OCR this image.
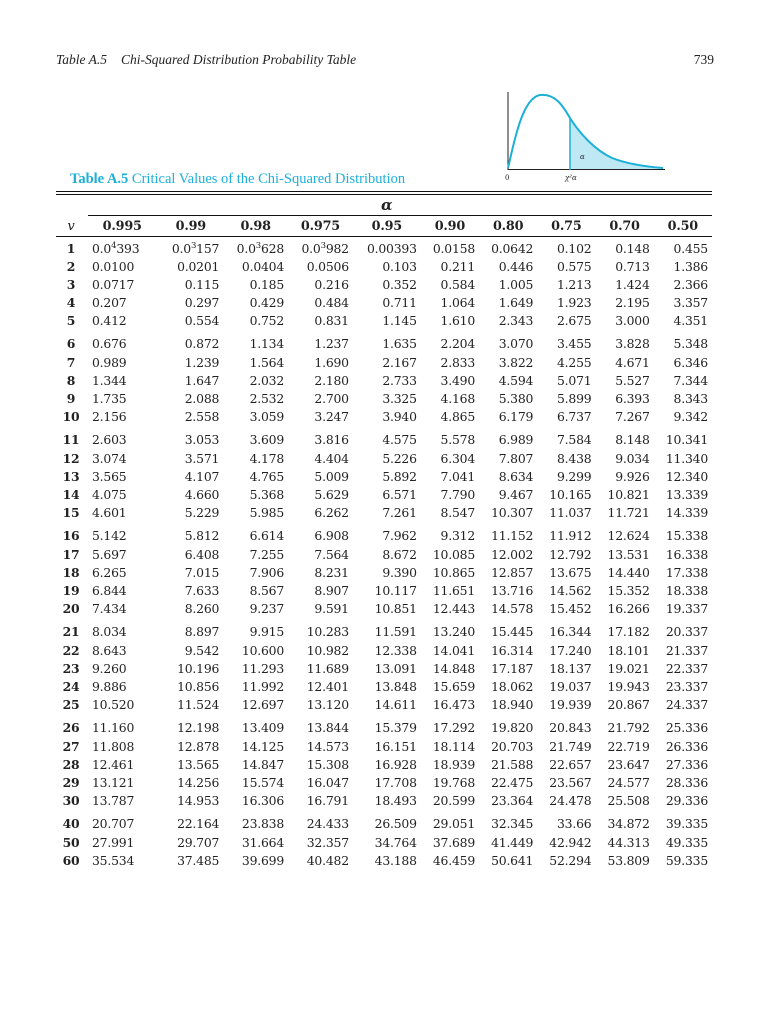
Table A.5 Chi-Squared Distribution Probability Table	739
α
0	χ²α
Table A.5 Critical Values of the Chi-Squared Distribution
α
v	0.995	0.99	0.98	0.975	0.95	0.90	0.80	0.75	0.70	0.50
1	$0.0^4393$	$0.0^3157$	$0.0^3628$	$0.0^3982$	0.00393	0.0158	0.0642	0.102	0.148	0.455
2	0.0100	0.0201	0.0404	0.0506	0.103	0.211	0.446	0.575	0.713	1.386
3	0.0717	0.115	0.185	0.216	0.352	0.584	1.005	1.213	1.424	2.366
4	0.207	0.297	0.429	0.484	0.711	1.064	1.649	1.923	2.195	3.357
5	0.412	0.554	0.752	0.831	1.145	1.610	2.343	2.675	3.000	4.351
6	0.676	0.872	1.134	1.237	1.635	2.204	3.070	3.455	3.828	5.348
7	0.989	1.239	1.564	1.690	2.167	2.833	3.822	4.255	4.671	6.346
8	1.344	1.647	2.032	2.180	2.733	3.490	4.594	5.071	5.527	7.344
9	1.735	2.088	2.532	2.700	3.325	4.168	5.380	5.899	6.393	8.343
10	2.156	2.558	3.059	3.247	3.940	4.865	6.179	6.737	7.267	9.342
11	2.603	3.053	3.609	3.816	4.575	5.578	6.989	7.584	8.148	10.341
12	3.074	3.571	4.178	4.404	5.226	6.304	7.807	8.438	9.034	11.340
13	3.565	4.107	4.765	5.009	5.892	7.041	8.634	9.299	9.926	12.340
14	4.075	4.660	5.368	5.629	6.571	7.790	9.467	10.165	10.821	13.339
15	4.601	5.229	5.985	6.262	7.261	8.547	10.307	11.037	11.721	14.339
16	5.142	5.812	6.614	6.908	7.962	9.312	11.152	11.912	12.624	15.338
17	5.697	6.408	7.255	7.564	8.672	10.085	12.002	12.792	13.531	16.338
18	6.265	7.015	7.906	8.231	9.390	10.865	12.857	13.675	14.440	17.338
19	6.844	7.633	8.567	8.907	10.117	11.651	13.716	14.562	15.352	18.338
20	7.434	8.260	9.237	9.591	10.851	12.443	14.578	15.452	16.266	19.337
21	8.034	8.897	9.915	10.283	11.591	13.240	15.445	16.344	17.182	20.337
22	8.643	9.542	10.600	10.982	12.338	14.041	16.314	17.240	18.101	21.337
23	9.260	10.196	11.293	11.689	13.091	14.848	17.187	18.137	19.021	22.337
24	9.886	10.856	11.992	12.401	13.848	15.659	18.062	19.037	19.943	23.337
25	10.520	11.524	12.697	13.120	14.611	16.473	18.940	19.939	20.867	24.337
26	11.160	12.198	13.409	13.844	15.379	17.292	19.820	20.843	21.792	25.336
27	11.808	12.878	14.125	14.573	16.151	18.114	20.703	21.749	22.719	26.336
28	12.461	13.565	14.847	15.308	16.928	18.939	21.588	22.657	23.647	27.336
29	13.121	14.256	15.574	16.047	17.708	19.768	22.475	23.567	24.577	28.336
30	13.787	14.953	16.306	16.791	18.493	20.599	23.364	24.478	25.508	29.336
40	20.707	22.164	23.838	24.433	26.509	29.051	32.345	33.66	34.872	39.335
50	27.991	29.707	31.664	32.357	34.764	37.689	41.449	42.942	44.313	49.335
60	35.534	37.485	39.699	40.482	43.188	46.459	50.641	52.294	53.809	59.335
